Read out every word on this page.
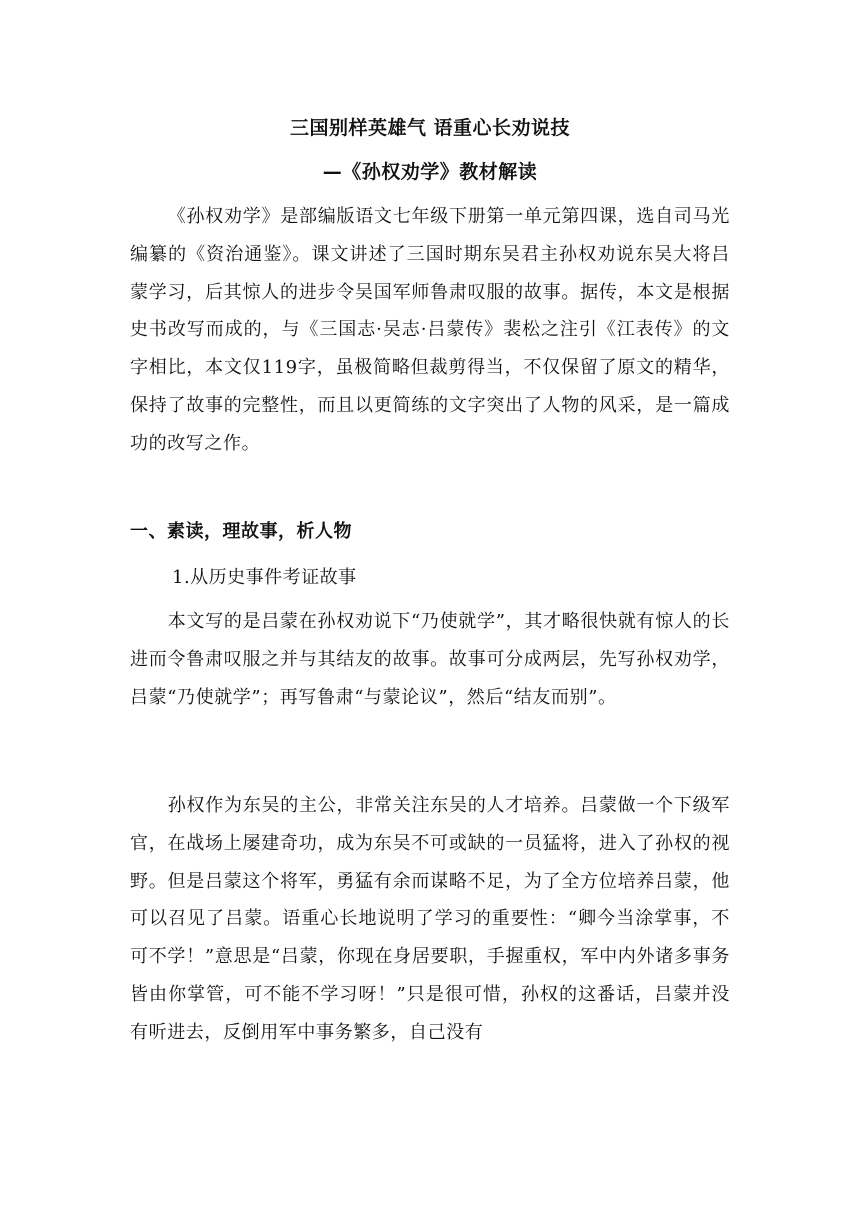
三国别样英雄气 语重心长劝说技
—《孙权劝学》教材解读
《孙权劝学》是部编版语文七年级下册第一单元第四课，选自司马光编纂的《资治通鉴》。课文讲述了三国时期东吴君主孙权劝说东吴大将吕蒙学习，后其惊人的进步令吴国军师鲁肃叹服的故事。据传，本文是根据史书改写而成的，与《三国志·吴志·吕蒙传》裴松之注引《江表传》的文字相比，本文仅119字，虽极简略但裁剪得当，不仅保留了原文的精华，保持了故事的完整性，而且以更简练的文字突出了人物的风采，是一篇成功的改写之作。
一、素读，理故事，析人物
1.从历史事件考证故事
本文写的是吕蒙在孙权劝说下“乃使就学”，其才略很快就有惊人的长进而令鲁肃叹服之并与其结友的故事。故事可分成两层，先写孙权劝学，吕蒙“乃使就学”；再写鲁肃“与蒙论议”，然后“结友而别”。
孙权作为东吴的主公，非常关注东吴的人才培养。吕蒙做一个下级军官，在战场上屡建奇功，成为东吴不可或缺的一员猛将，进入了孙权的视野。但是吕蒙这个将军，勇猛有余而谋略不足，为了全方位培养吕蒙，他可以召见了吕蒙。语重心长地说明了学习的重要性：“卿今当涂掌事，不可不学！”意思是“吕蒙，你现在身居要职，手握重权，军中内外诸多事务皆由你掌管，可不能不学习呀！”只是很可惜，孙权的这番话，吕蒙并没有听进去，反倒用军中事务繁多，自己没有
